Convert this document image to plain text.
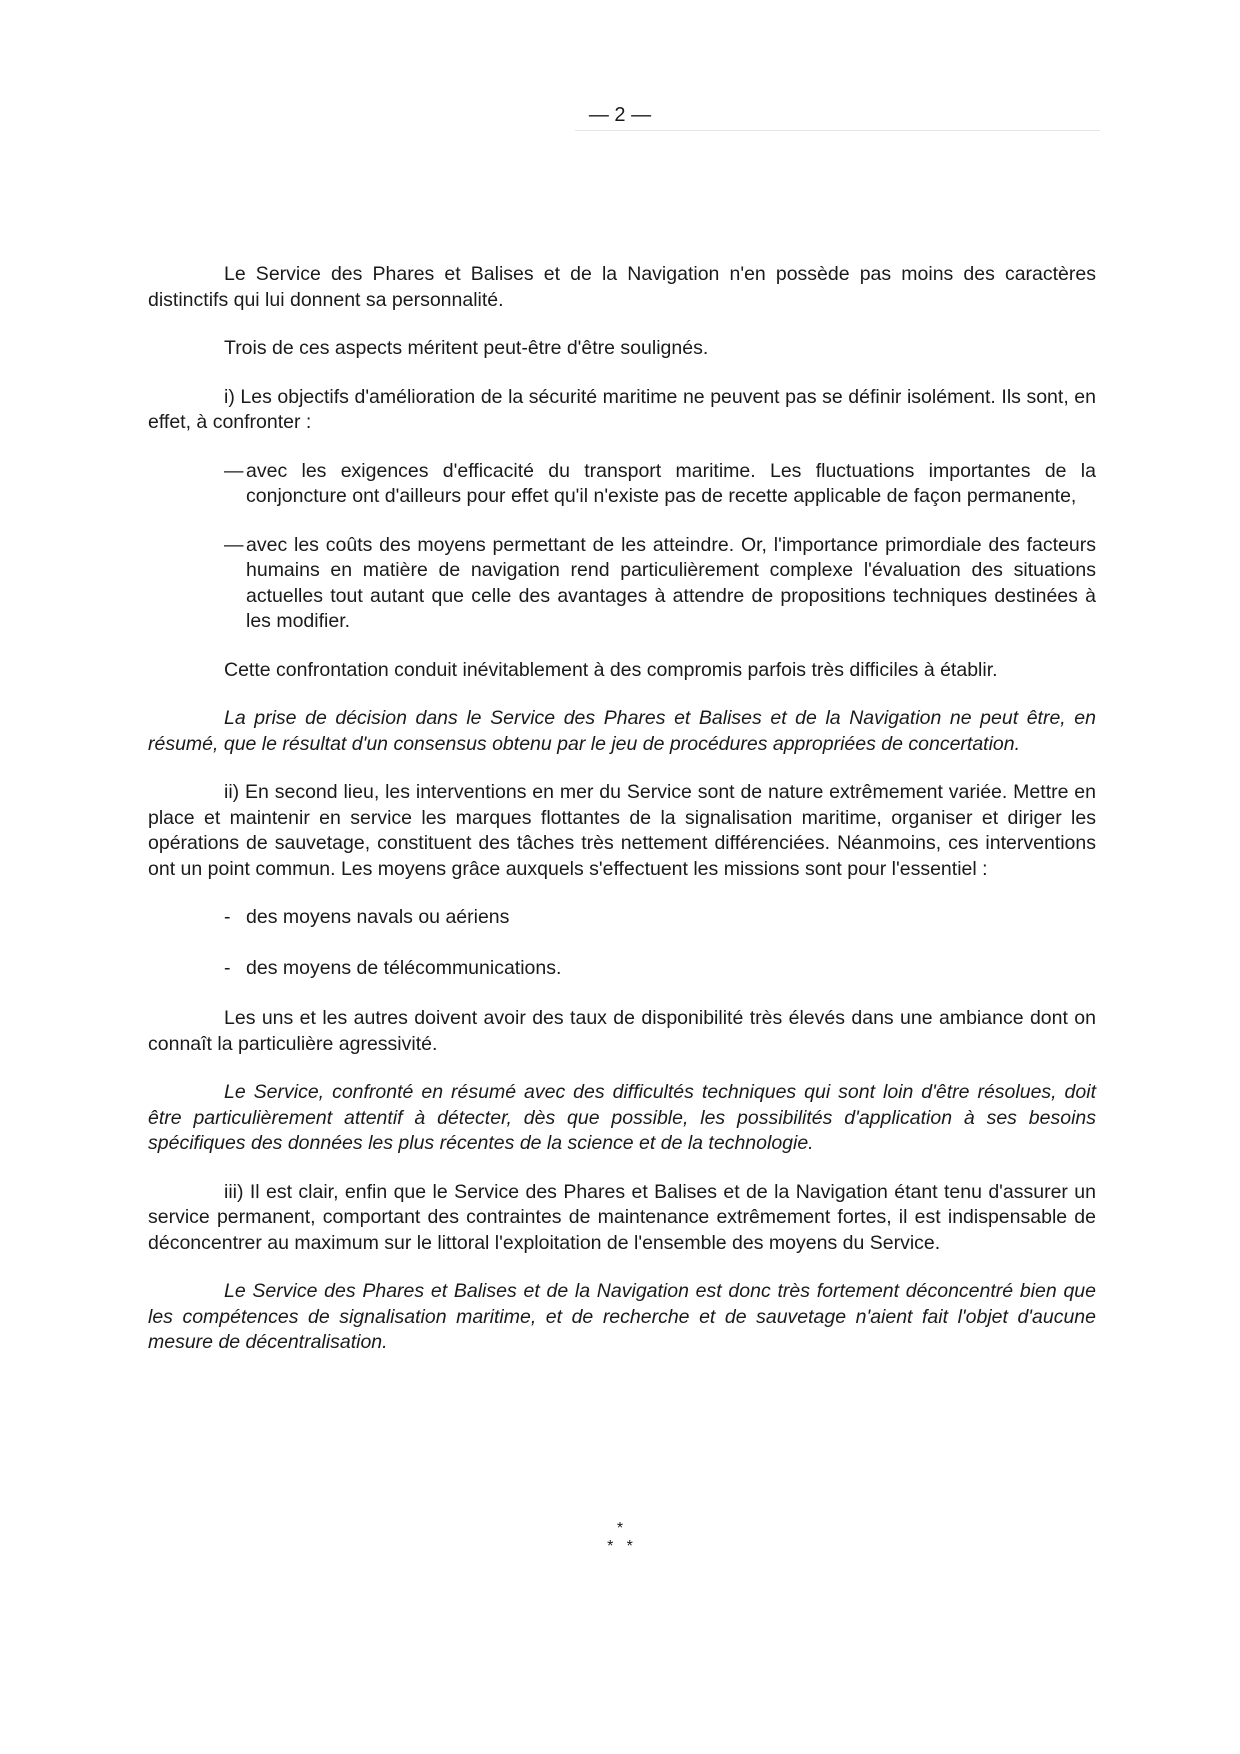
— 2 —

Le Service des Phares et Balises et de la Navigation n'en possède pas moins des caractères distinctifs qui lui donnent sa personnalité.

Trois de ces aspects méritent peut-être d'être soulignés.

i) Les objectifs d'amélioration de la sécurité maritime ne peuvent pas se définir isolément. Ils sont, en effet, à confronter :

— avec les exigences d'efficacité du transport maritime. Les fluctuations importantes de la conjoncture ont d'ailleurs pour effet qu'il n'existe pas de recette applicable de façon permanente,
— avec les coûts des moyens permettant de les atteindre. Or, l'importance primordiale des facteurs humains en matière de navigation rend particulièrement complexe l'évaluation des situations actuelles tout autant que celle des avantages à attendre de propositions techniques destinées à les modifier.

Cette confrontation conduit inévitablement à des compromis parfois très difficiles à établir.

La prise de décision dans le Service des Phares et Balises et de la Navigation ne peut être, en résumé, que le résultat d'un consensus obtenu par le jeu de procédures appropriées de concertation.

ii) En second lieu, les interventions en mer du Service sont de nature extrêmement variée. Mettre en place et maintenir en service les marques flottantes de la signalisation maritime, organiser et diriger les opérations de sauvetage, constituent des tâches très nettement différenciées. Néanmoins, ces interventions ont un point commun. Les moyens grâce auxquels s'effectuent les missions sont pour l'essentiel :

- des moyens navals ou aériens
- des moyens de télécommunications.

Les uns et les autres doivent avoir des taux de disponibilité très élevés dans une ambiance dont on connaît la particulière agressivité.

Le Service, confronté en résumé avec des difficultés techniques qui sont loin d'être résolues, doit être particulièrement attentif à détecter, dès que possible, les possibilités d'application à ses besoins spécifiques des données les plus récentes de la science et de la technologie.

iii) Il est clair, enfin que le Service des Phares et Balises et de la Navigation étant tenu d'assurer un service permanent, comportant des contraintes de maintenance extrêmement fortes, il est indispensable de déconcentrer au maximum sur le littoral l'exploitation de l'ensemble des moyens du Service.

Le Service des Phares et Balises et de la Navigation est donc très fortement déconcentré bien que les compétences de signalisation maritime, et de recherche et de sauvetage n'aient fait l'objet d'aucune mesure de décentralisation.

*
*   *
